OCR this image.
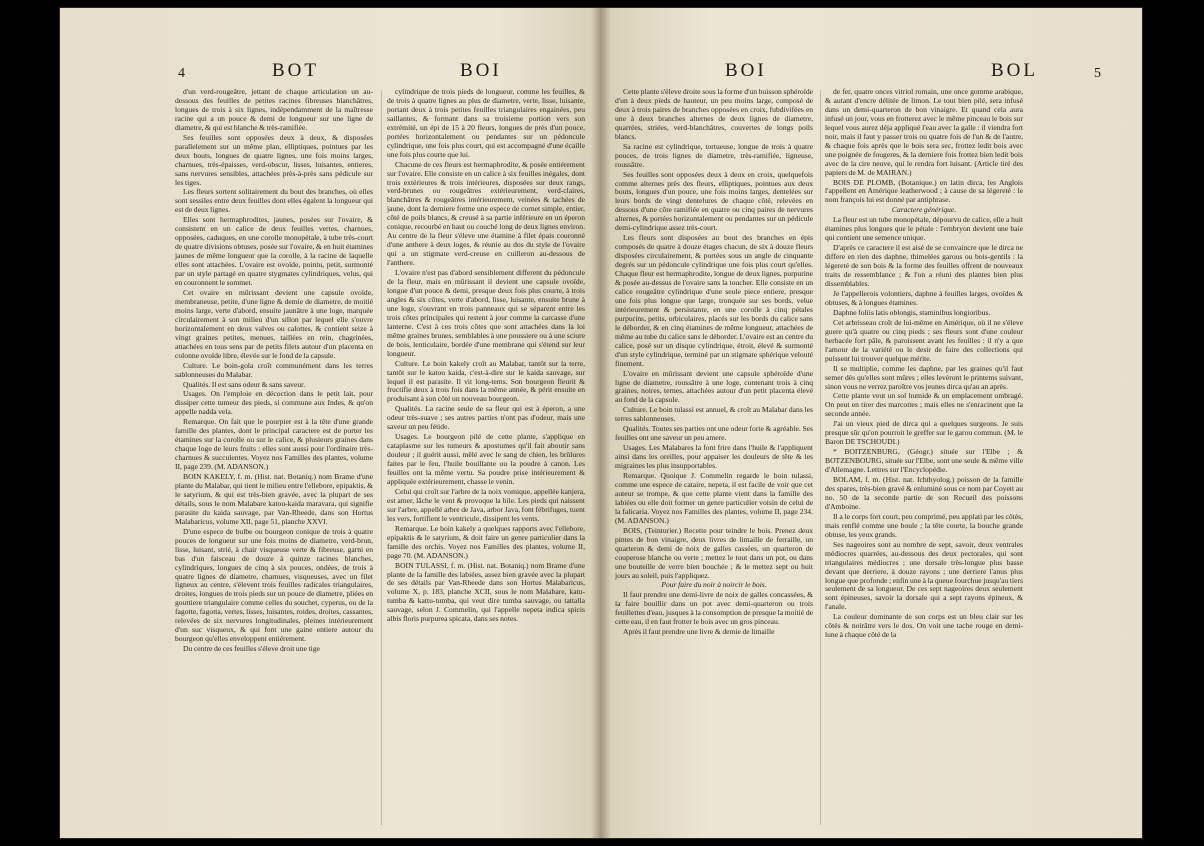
4	BOT	BOI

d'un verd-rougeâtre, jettant de chaque articulation un au-dessous des feuilles de petites racines fibreuses blanchâtres, longues de trois à six lignes, indépendamment de la maîtresse racine qui a un pouce & demi de longueur sur une ligne de diametre, & qui est blanche & très-ramifiée.

Ses feuilles sont opposées deux à deux, & disposées parallelement sur un même plan, elliptiques, pointues par les deux bouts, longues de quatre lignes, une fois moins larges, charnues, très-épaisses, verd-obscur, lisses, luisantes, entieres, sans nervures sensibles, attachées près-à-près sans pédicule sur les tiges.

Les fleurs sortent solitairement du bout des branches, où elles sont sessiles entre deux feuilles dont elles égalent la longueur qui est de deux lignes.

Elles sont hermaphrodites, jaunes, posées sur l'ovaire, & consistent en un calice de deux feuilles vertes, charnues, opposées, caduques, en une corolle monopétale, à tube très-court de quatre divisions obtuses, posée sur l'ovaire, & en huit étamines jaunes de même longueur que la corolle, à la racine de laquelle elles sont attachées. L'ovaire est ovoïde, pointu, petit, surmonté par un style partagé en quatre stygmates cylindriques, velus, qui en couronnent le sommet.

Cet ovaire en mûrissant devient une capsule ovoïde, membraneuse, petite, d'une ligne & demie de diametre, de moitié moins large, verte d'abord, ensuite jaunâtre à une loge, marquée circulairement à son milieu d'un sillon par lequel elle s'ouvre horizontalement en deux valves ou calottes, & contient seize à vingt graines petites, menues, taillées en rein, chagrinées, attachées en tous sens par de petits filets autour d'un placenta en colonne ovoïde libre, élevée sur le fond de la capsule.

Culture. Le boin-gola croît communément dans les terres sablonneuses du Malabar.

Qualités. Il est sans odeur & sans saveur.

Usages. On l'emploie en décoction dans le petit lait, pour dissiper cette tumeur des pieds, si commune aux Indes, & qu'on appelle nadda vela.

Remarque. On fait que le pourpier est à la tête d'une grande famille des plantes, dont le principal caractere est de porter les étamines sur la corolle ou sur le calice, & plusieurs graines dans chaque loge de leurs fruits : elles sont aussi pour l'ordinaire très-charnues & succulentes. Voyez nos Familles des plantes, volume II, page 239. (M. ADANSON.)

BOIN KAKELY, f. m. (Hist. nat. Botaniq.) nom Brame d'une plante du Malabar, qui tient le milieu entre l'ellebore, epipaktis, & le satyrium, & qui est très-bien gravée, avec la plupart de ses détails, sous le nom Malabare katou-kaida maravara, qui signifie parasite du kaida sauvage, par Van-Rheede, dans son Hortus Malabaricus, volume XII, page 51, planche XXVI.

D'une espece de bulbe ou bourgeon conique de trois à quatre pouces de longueur sur une fois moins de diametre, verd-brun, lisse, luisant, strié, à chair visqueuse verte & fibreuse, garni en bas d'un faisceau de douze à quinze racines blanches, cylindriques, longues de cinq à six pouces, ondées, de trois à quatre lignes de diametre, charnues, visqueuses, avec un filet ligneux au centre, s'élevent trois feuilles radicales triangulaires, droites, longues de trois pieds sur un pouce de diametre, pliées en gouttiere triangulaire comme celles du souchet, cyperus, ou de la fagotte, fagotta, vertes, lisses, luisantes, roides, droites, cassantes, relevées de six nervures longitudinales, pleines intérieurement d'un suc visqueux, & qui font une gaine entiere autour du bourgeon qu'elles enveloppent entiérement.

Du centre de ces feuilles s'éleve droit une tige

cylindrique de trois pieds de longueur, comme les feuilles, & de trois à quatre lignes au plus de diametre, verte, lisse, luisante, portant deux à trois petites feuilles triangulaires engainées, peu saillantes, & formant dans sa troisieme portion vers son extrémité, un épi de 15 à 20 fleurs, longues de près d'un pouce, portées horizontalement ou pendantes sur un pédoncule cylindrique, une fois plus court, qui est accompagné d'une écaille une fois plus courte que lui.

Chacune de ces fleurs est hermaphrodite, & posée entiérement sur l'ovaire. Elle consiste en un calice à six feuilles inégales, dont trois extérieures & trois intérieures, disposées sur deux rangs, verd-brunes ou rougeâtres extérieurement, verd-claires, blanchâtres & rougeâtres intérieurement, veinées & tachées de jaune, dont la derniere forme une espece de cornet simple, entier, côté de poils blancs, & creusé à sa partie inférieure en un éperon conique, recourbé en haut ou couché long de deux lignes environ. Au centre de la fleur s'éleve une étamine à filet épais couronné d'une anthere à deux loges, & réunie au dos du style de l'ovaire qui a un stigmate verd-creuse en cuilleron au-dessous de l'anthere.

L'ovaire n'est pas d'abord sensiblement different du pédoncule de la fleur, mais en mûrissant il devient une capsule ovoïde, longue d'un pouce & demi, presque deux fois plus courte, à trois angles & six côtes, verte d'abord, lisse, luisante, ensuite brune à une loge, s'ouvrant en trois panneaux qui se séparent entre les trois côtes principales qui restent à jour comme la carcasse d'une lanterne. C'est à ces trois côtes que sont attachées dans la loi même graines brunes, semblables à une poussiere ou à une sciure de bois, lenticulaire, bordée d'une membrane qui s'étend sur leur longueur.

Culture. Le boin kakely croît au Malabar, tantôt sur la terre, tantôt sur le katou kaida, c'est-à-dire sur le kaida sauvage, sur lequel il est parasite. Il vit long-tems. Son bourgeon fleurit & fructifie deux à trois fois dans la même année, & périt ensuite en produisant à son côté un nouveau bourgeon.

Qualités. La racine seule de sa fleur qui est à éperon, a une odeur très-suave ; ses autres parties n'ont pas d'odeur, mais une saveur un peu fétide.

Usages. Le bourgeon pilé de cette plante, s'applique en cataplasme sur les tumeurs & apostumes qu'il fait aboutir sans douleur ; il guérit aussi, mêlé avec le sang de chien, les brûlures faites par le feu, l'huile bouillante ou la poudre à canon. Les feuilles ont la même vertu. Sa poudre prise intérieurement & appliquée extérieurement, chasse le venin.

Celui qui croît sur l'arbre de la noix vomique, appellée kanjera, est amer, lâche le vent & provoque la bile. Les pieds qui naissent sur l'arbre, appellé arbre de Java, arbor Java, font fébrifuges, tuent les vers, fortifient le ventricule, dissipent les vents.

Remarque. Le boin kakely a quelques rapports avec l'ellebore, epipaktis & le satyrium, & doit faire un genre particulier dans la famille des orchis. Voyez nos Familles des plantes, volume II, page 70. (M. ADANSON.)

BOIN TULASSI, f. m. (Hist. nat. Botaniq.) nom Brame d'une plante de la famille des labiées, assez bien gravée avec la plupart de ses détails par Van-Rheede dans son Hortus Malabaricus, volume X, p. 183, planche XCII, sous le nom Malabare, katu-tumba & kattu-tumba, qui veut dire tumba sauvage, ou tattalla sauvage, selon J. Commelin, qui l'appelle nepeta indica spicis albis floris purpurea spicata, dans ses notes.

BOI	BOL	5

Cette plante s'éleve droite sous la forme d'un buisson sphéroïde d'un à deux pieds de hauteur, un peu moins large, composé de deux à trois paires de branches opposées en croix, fubdivifées en une à deux branches alternes de deux lignes de diametre, quarrées, striées, verd-blanchâtres, couvertes de longs poils blancs.

Sa racine est cylindrique, tortueuse, longue de trois à quatre pouces, de trois lignes de diametre, très-ramifiée, ligneuse, roussâtre.

Ses feuilles sont opposées deux à deux en croix, quelquefois comme alternes près des fleurs, elliptiques, pointues aux deux bouts, longues d'un pouce, une fois moins larges, dentelées sur leurs bords de vingt dentelures de chaque côté, relevées en dessous d'une côte ramifiée en quatre ou cinq paires de nervures alternes, & portées horizontalement ou pendantes sur un pédicule demi-cylindrique assez très-court.

Les fleurs sont disposées au bout des branches en épis composés de quatre à douze étages chacun, de six à douze fleurs disposées circulairement, & portées sous un angle de cinquante degrés sur un pédoncule cylindrique une fois plus court qu'elles. Chaque fleur est hermaphrodite, longue de deux lignes, purpurine & posée au-dessus de l'ovaire sans la toucher. Elle consiste en un calice rougeâtre cylindrique d'une seule piece entiere, presque une fois plus longue que large, tronquée sur ses bords, velue intérieurement & persistante, en une corolle à cinq pétales purpurins, petits, orbiculaires, placés sur les bords du calice sans le déborder, & en cinq étamines de même longueur, attachées de même au tube du calice sans le déborder. L'ovaire est au centre du calice, posé sur un disque cylindrique, étroit, élevé & surmonté d'un style cylindrique, terminé par un stigmate sphérique velouté finement.

L'ovaire en mûrissant devient une capsule sphéroïde d'une ligne de diametre, roussâtre à une loge, contenant trois à cinq graines, noires, ternes, attachées autour d'un petit placenta élevé au fond de la capsule.

Culture. Le boin tulassi est annuel, & croît au Malabar dans les terres sablonneuses.

Qualités. Toutes ses parties ont une odeur forte & agréable. Ses feuilles ont une saveur un peu amere.

Usages. Les Malabares la font frire dans l'huile & l'appliquent ainsi dans les oreilles, pour appaiser les douleurs de tête & les migraines les plus insupportables.

Remarque. Quoique J. Commelin regarde le boin tulassi, comme une espece de cataire, nepeta, il est facile de voir que cet auteur se trompe, & que cette plante vient dans la famille des labiées ou elle doit former un genre particulier voisin de celui de la falicaria. Voyez nos Familles des plantes, volume II, page 234. (M. ADANSON.)

BOIS, (Teinturier.) Recette pour teindre le bois. Prenez deux pintes de bon vinaigre, deux livres de limaille de ferraille, un quarteron & demi de noix de galles cassées, un quarteron de couperose blanche ou verte ; mettez le tout dans un pot, ou dans une bouteille de verre bien bouchée ; & le mettez sept ou huit jours au soleil, puis l'appliquez.

Pour faire du noir à noircir le bois.

Il faut prendre une demi-livre de noix de galles concassées, & la faire bouillir dans un pot avec demi-quarteron ou trois feuillettes d'eau, jusques à la consomption de presque la moitié de cette eau, il en faut frotter le bois avec un gros pinceau.

Après il faut prendre une livre & demie de limaille

de fer, quatre onces vitriol romain, une once gomme arabique, & autant d'encre délitée de limon. Le tout bien pilé, sera infusé dans un demi-quarteron de bon vinaigre. Et quand cela aura infusé un jour, vous en frotterez avec le même pinceau le bois sur lequel vous aurez déja appliqué l'eau avec la galle : il viendra fort noir, mais il faut y passer trois ou quatre fois de l'un & de l'autre, & chaque fois après que le bois sera sec, frottez ledit bois avec une poignée de fougeres, & la derniere fois frottez bien ledit bois avec de la cire neuve, qui le rendra fort luisant. (Article tiré des papiers de M. de MAIRAN.)

BOIS DE PLOMB, (Botanique.) en latin dirca, les Anglois l'appellent en Amérique leatherwood ; à cause de sa légereté : le nom françois lui est donné par antiphrase.

Caractere générique.

La fleur est un tube monopétale, dépourvu de calice, elle a huit étamines plus longues que le pétale : l'embryon devient une baie qui contient une semence unique.

D'après ce caractere il est aisé de se convaincre que le dirca ne differe en rien des daphne, thimelées garous ou bois-gentils : la légereté de son bois & la forme des feuilles offrent de nouveaux traits de ressemblance ; & l'on a réuni des plantes bien plus dissemblables.

Je l'appellerois volontiers, daphne à feuilles larges, ovoïdes & obtuses, & à longues étamines.

Daphne foliis latis oblongis, staminibus longioribus.

Cet arbrisseau croît de lui-même en Amérique, où il ne s'éleve guere qu'à quatre ou cinq pieds ; ses fleurs sont d'une couleur herbacée fort pâle, & paroissent avant les feuilles : il n'y a que l'amour de la variété ou le desir de faire des collections qui puissent lui trouver quelque mérite.

Il se multiplie, comme les daphne, par les graines qu'il faut semer dès qu'elles sont mûres ; elles levèront le printems suivant, sinon vous ne verrez paroître vos jeunes dirca qu'au an après.

Cette plante veut un sol humide & un emplacement ombragé. On peut en tirer des marcottes ; mais elles ne s'enracinent que la seconde année.

J'ai un vieux pied de dirca qui a quelques surgeons. Je suis presque sûr qu'on pourroit le greffer sur le garou commun. (M. le Baron DE TSCHOUDI.)

* BOITZENBURG, (Géogr.) située sur l'Elbe ; & BOTZENBOURG, située sur l'Elbe, sont une seule & même ville d'Allemagne. Lettres sur l'Encyclopédie.

BOLAM, f. m. (Hist. nat. Ichthyolog.) poisson de la famille des spares, très-bien gravé & enluminé sous ce nom par Coyett au no. 50 de la seconde partie de son Recueil des poissons d'Amboine.

Il a le corps fort court, peu comprimé, peu applati par les côtés, mais renflé comme une boule ; la tête courte, la bouche grande obtuse, les yeux grands.

Ses nageoires sont au nombre de sept, savoir, deux ventrales médiocres quarrées, au-dessous des deux pectorales, qui sont triangulaires médiocres ; une dorsale très-longue plus basse devant que derriere, à douze rayons ; une derriere l'anus plus longue que profonde ; enfin une à la queue fourchue jusqu'au tiers seulement de sa longueur. De ces sept nageoires deux seulement sont épineuses, savoir la dorsale qui a sept rayons épineux, & l'anale.

La couleur dominante de son corps est un bleu clair sur les côtés & noirâtre vers le dos. On voit une tache rouge en demi-lune à chaque côté de la
